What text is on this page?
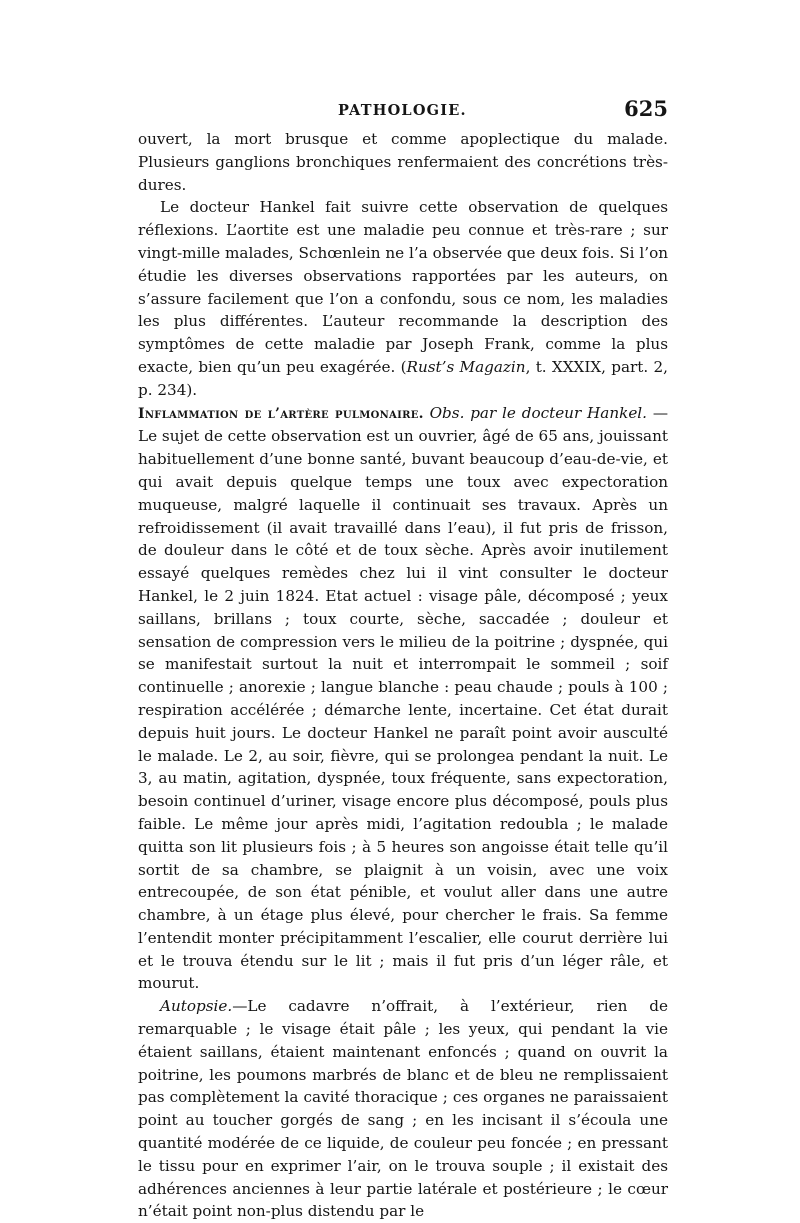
PATHOLOGIE.	625

ouvert, la mort brusque et comme apoplectique du malade. Plusieurs ganglions bronchiques renfermaient des concrétions très-dures.

Le docteur Hankel fait suivre cette observation de quelques réflexions. L’aortite est une maladie peu connue et très-rare ; sur vingt-mille malades, Schœnlein ne l’a observée que deux fois. Si l’on étudie les diverses observations rapportées par les auteurs, on s’assure facilement que l’on a confondu, sous ce nom, les maladies les plus différentes. L’auteur recommande la description des symptômes de cette maladie par Joseph Frank, comme la plus exacte, bien qu’un peu exagérée. (Rust’s Magazin, t. XXXIX, part. 2, p. 234).

Inflammation de l’artère pulmonaire. Obs. par le docteur Hankel. — Le sujet de cette observation est un ouvrier, âgé de 65 ans, jouissant habituellement d’une bonne santé, buvant beaucoup d’eau-de-vie, et qui avait depuis quelque temps une toux avec expectoration muqueuse, malgré laquelle il continuait ses travaux. Après un refroidissement (il avait travaillé dans l’eau), il fut pris de frisson, de douleur dans le côté et de toux sèche. Après avoir inutilement essayé quelques remèdes chez lui il vint consulter le docteur Hankel, le 2 juin 1824. Etat actuel : visage pâle, décomposé ; yeux saillans, brillans ; toux courte, sèche, saccadée ; douleur et sensation de compression vers le milieu de la poitrine ; dyspnée, qui se manifestait surtout la nuit et interrompait le sommeil ; soif continuelle ; anorexie ; langue blanche : peau chaude ; pouls à 100 ; respiration accélérée ; démarche lente, incertaine. Cet état durait depuis huit jours. Le docteur Hankel ne paraît point avoir ausculté le malade. Le 2, au soir, fièvre, qui se prolongea pendant la nuit. Le 3, au matin, agitation, dyspnée, toux fréquente, sans expectoration, besoin continuel d’uriner, visage encore plus décomposé, pouls plus faible. Le même jour après midi, l’agitation redoubla ; le malade quitta son lit plusieurs fois ; à 5 heures son angoisse était telle qu’il sortit de sa chambre, se plaignit à un voisin, avec une voix entrecoupée, de son état pénible, et voulut aller dans une autre chambre, à un étage plus élevé, pour chercher le frais. Sa femme l’entendit monter précipitamment l’escalier, elle courut derrière lui et le trouva étendu sur le lit ; mais il fut pris d’un léger râle, et mourut.

Autopsie.—Le cadavre n’offrait, à l’extérieur, rien de remarquable ; le visage était pâle ; les yeux, qui pendant la vie étaient saillans, étaient maintenant enfoncés ; quand on ouvrit la poitrine, les poumons marbrés de blanc et de bleu ne remplissaient pas complètement la cavité thoracique ; ces organes ne paraissaient point au toucher gorgés de sang ; en les incisant il s’écoula une quantité modérée de ce liquide, de couleur peu foncée ; en pressant le tissu pour en exprimer l’air, on le trouva souple ; il existait des adhérences anciennes à leur partie latérale et postérieure ; le cœur n’était point non-plus distendu par le
